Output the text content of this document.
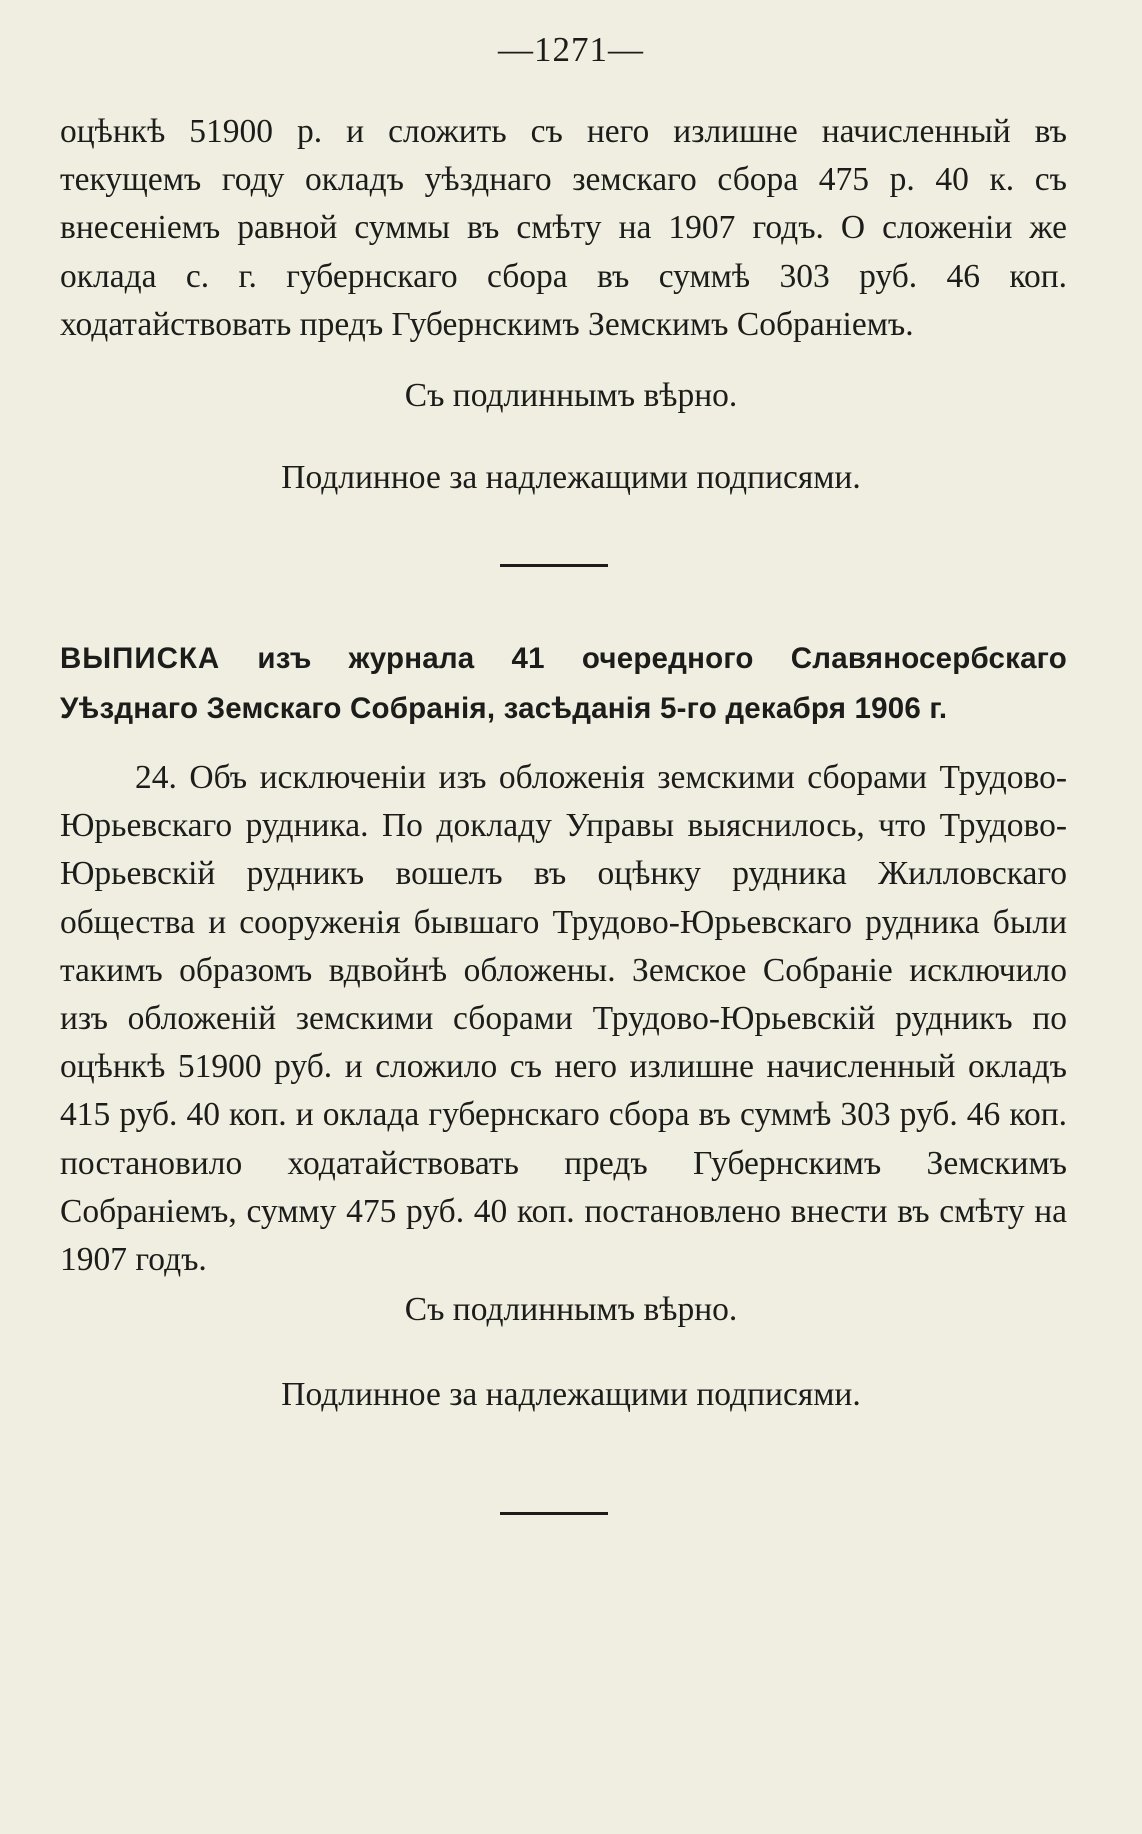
—1271—

оцѣнкѣ 51900 р. и сложить съ него излишне начисленный въ текущемъ году окладъ уѣзднаго земскаго сбора 475 р. 40 к. съ внесеніемъ равной суммы въ смѣту на 1907 годъ. О сложеніи же оклада с. г. губернскаго сбора въ суммѣ 303 руб. 46 коп. ходатайствовать предъ Губернскимъ Земскимъ Собраніемъ.

Съ подлиннымъ вѣрно.

Подлинное за надлежащими подписями.

ВЫПИСКА изъ журнала 41 очередного Славяносербскаго Уѣзднаго Земскаго Собранія, засѣданія 5-го декабря 1906 г.

24. Объ исключеніи изъ обложенія земскими сборами Трудово-Юрьевскаго рудника. По докладу Управы выяснилось, что Трудово-Юрьевскій рудникъ вошелъ въ оцѣнку рудника Жилловскаго общества и сооруженія бывшаго Трудово-Юрьевскаго рудника были такимъ образомъ вдвойнѣ обложены. Земское Собраніе исключило изъ обложеній земскими сборами Трудово-Юрьевскій рудникъ по оцѣнкѣ 51900 руб. и сложило съ него излишне начисленный окладъ 415 руб. 40 коп. и оклада губернскаго сбора въ суммѣ 303 руб. 46 коп. постановило ходатайствовать предъ Губернскимъ Земскимъ Собраніемъ, сумму 475 руб. 40 коп. постановлено внести въ смѣту на 1907 годъ.

Съ подлиннымъ вѣрно.

Подлинное за надлежащими подписями.
